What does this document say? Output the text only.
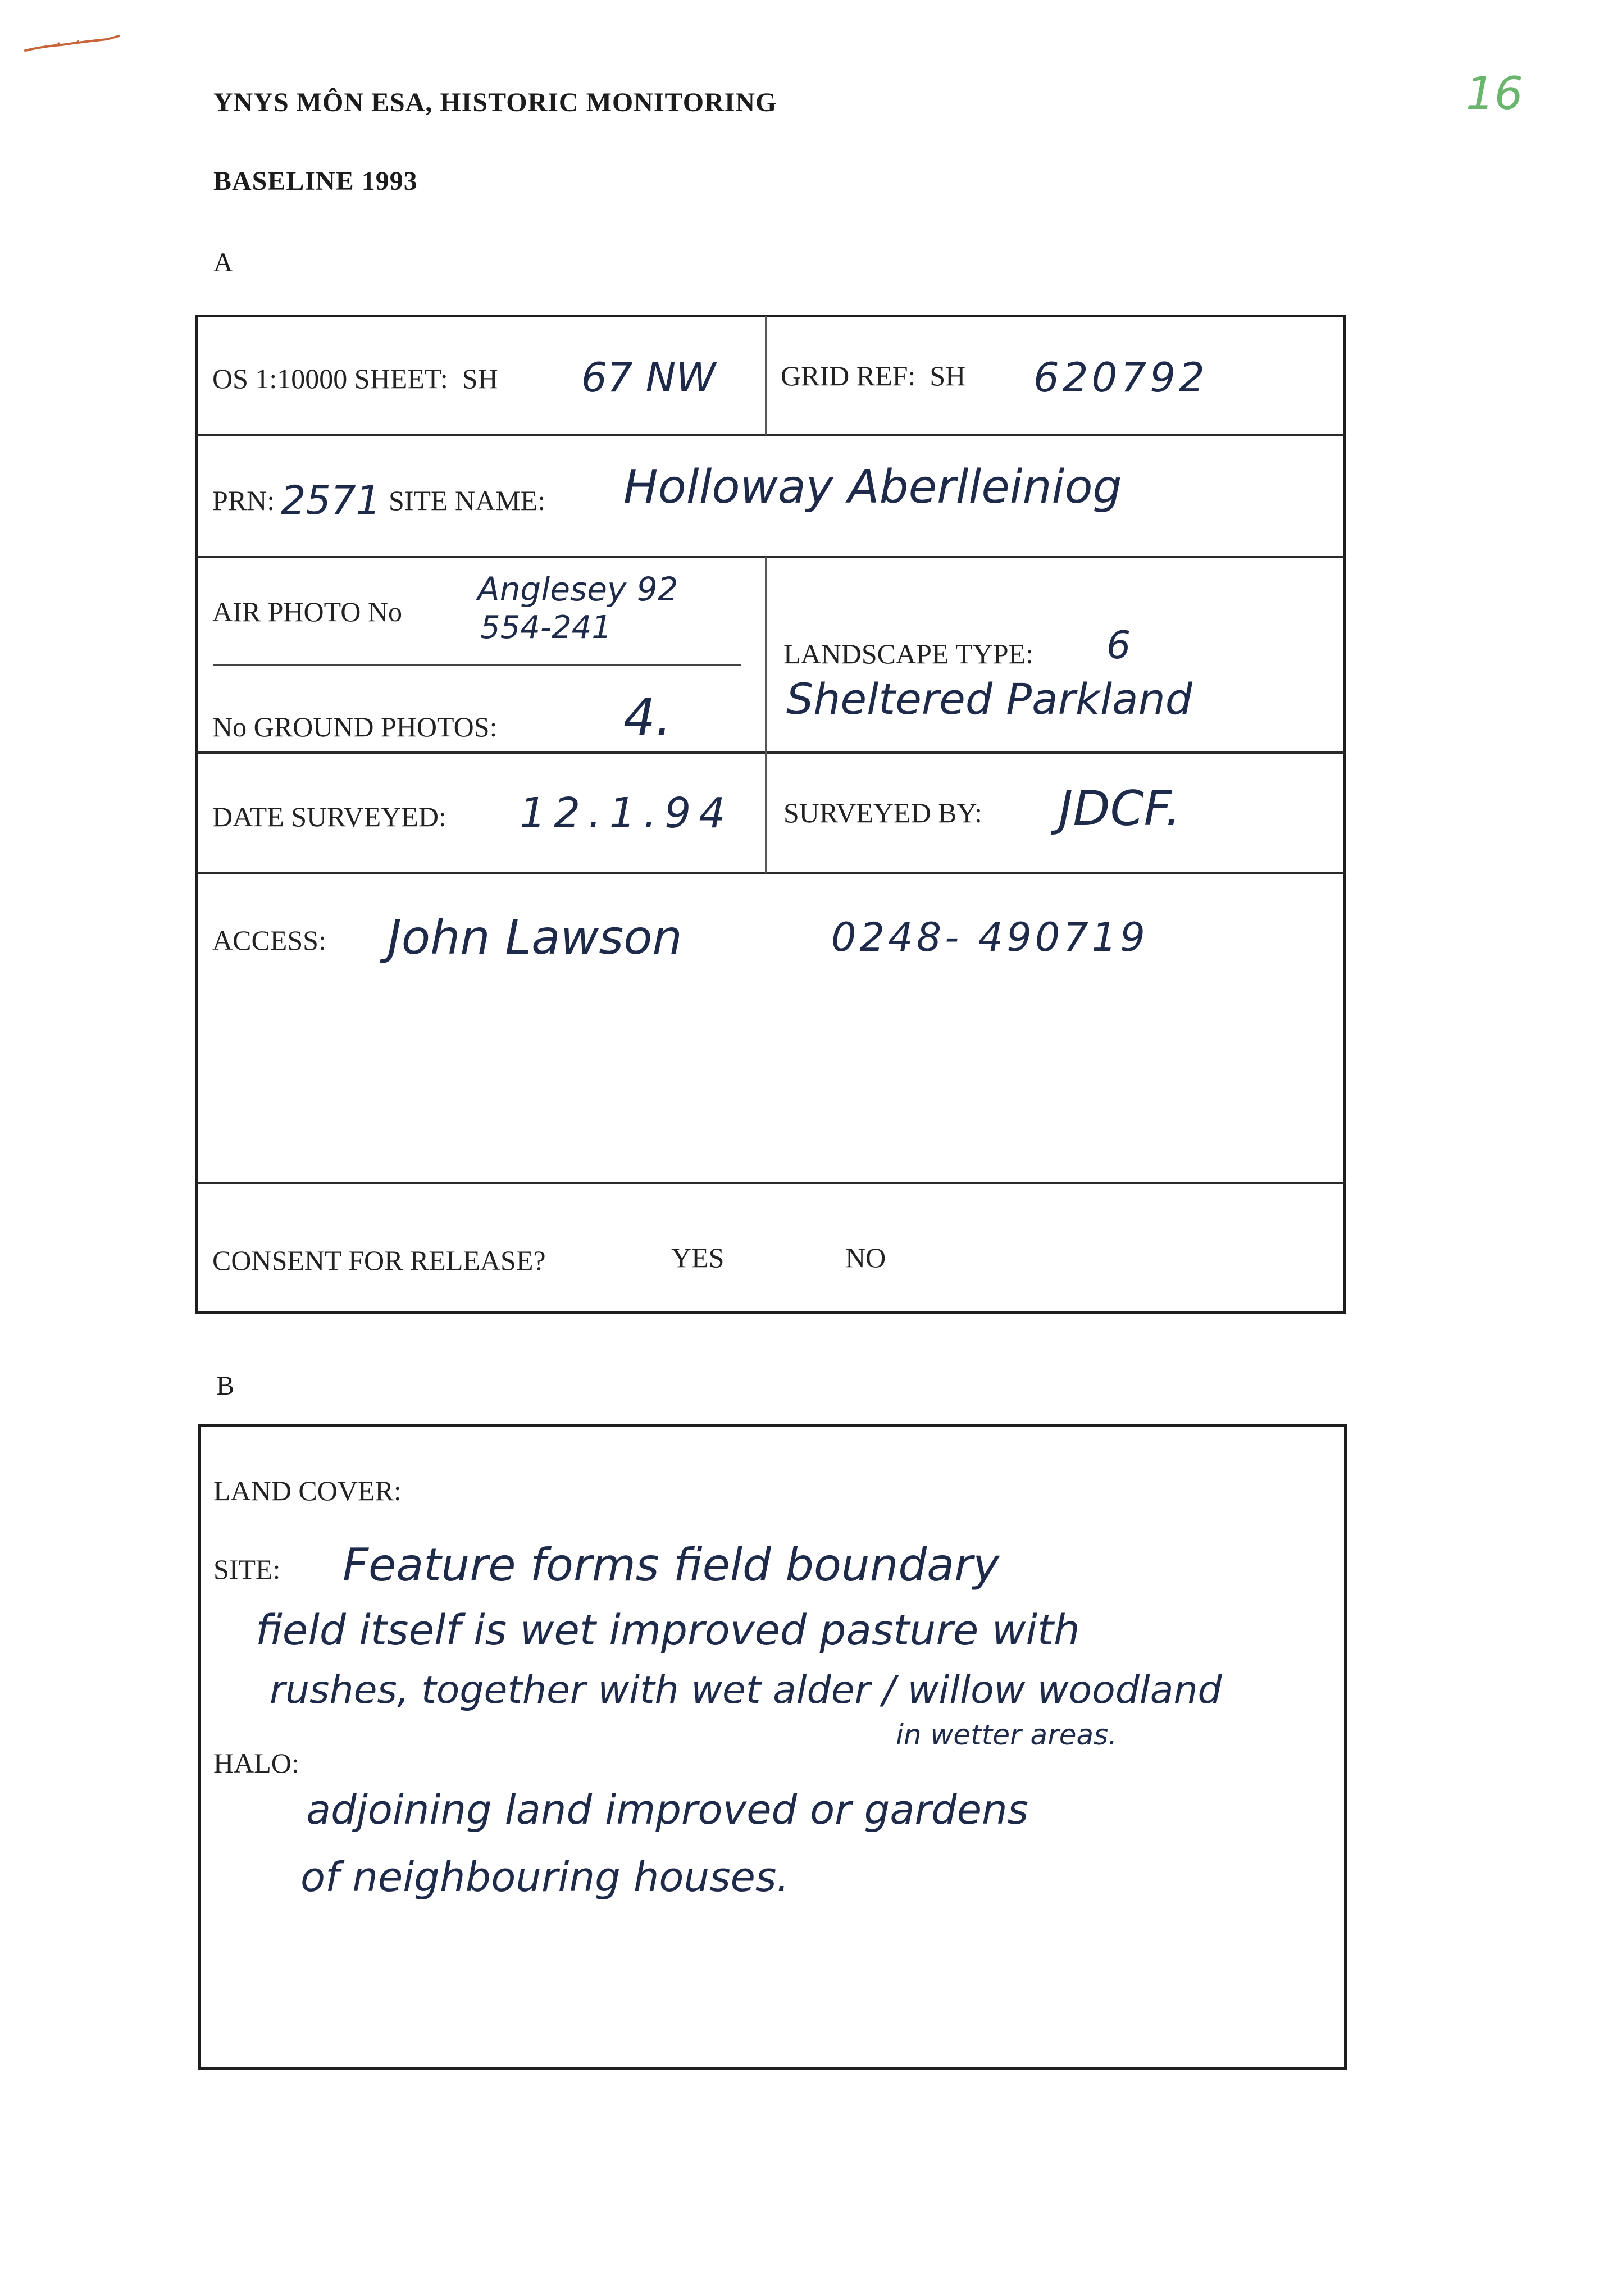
16
YNYS MÔN ESA, HISTORIC MONITORING
BASELINE 1993
A
OS 1:10000 SHEET: SH 67 NW GRID REF: SH 620792
PRN: 2571 SITE NAME: Holloway Aberlleiniog
AIR PHOTO No
Anglesey 92
554-241
No GROUND PHOTOS: 4.
LANDSCAPE TYPE: 6
Sheltered Parkland
DATE SURVEYED: 12.1.94 SURVEYED BY: JDCF.
ACCESS: John Lawson	0248- 490719
CONSENT FOR RELEASE?	YES	NO
B
LAND COVER:
SITE: Feature forms field boundary
field itself is wet improved pasture with
rushes, together with wet alder / willow woodland
in wetter areas.
HALO:
adjoining land improved or gardens
of neighbouring houses.
